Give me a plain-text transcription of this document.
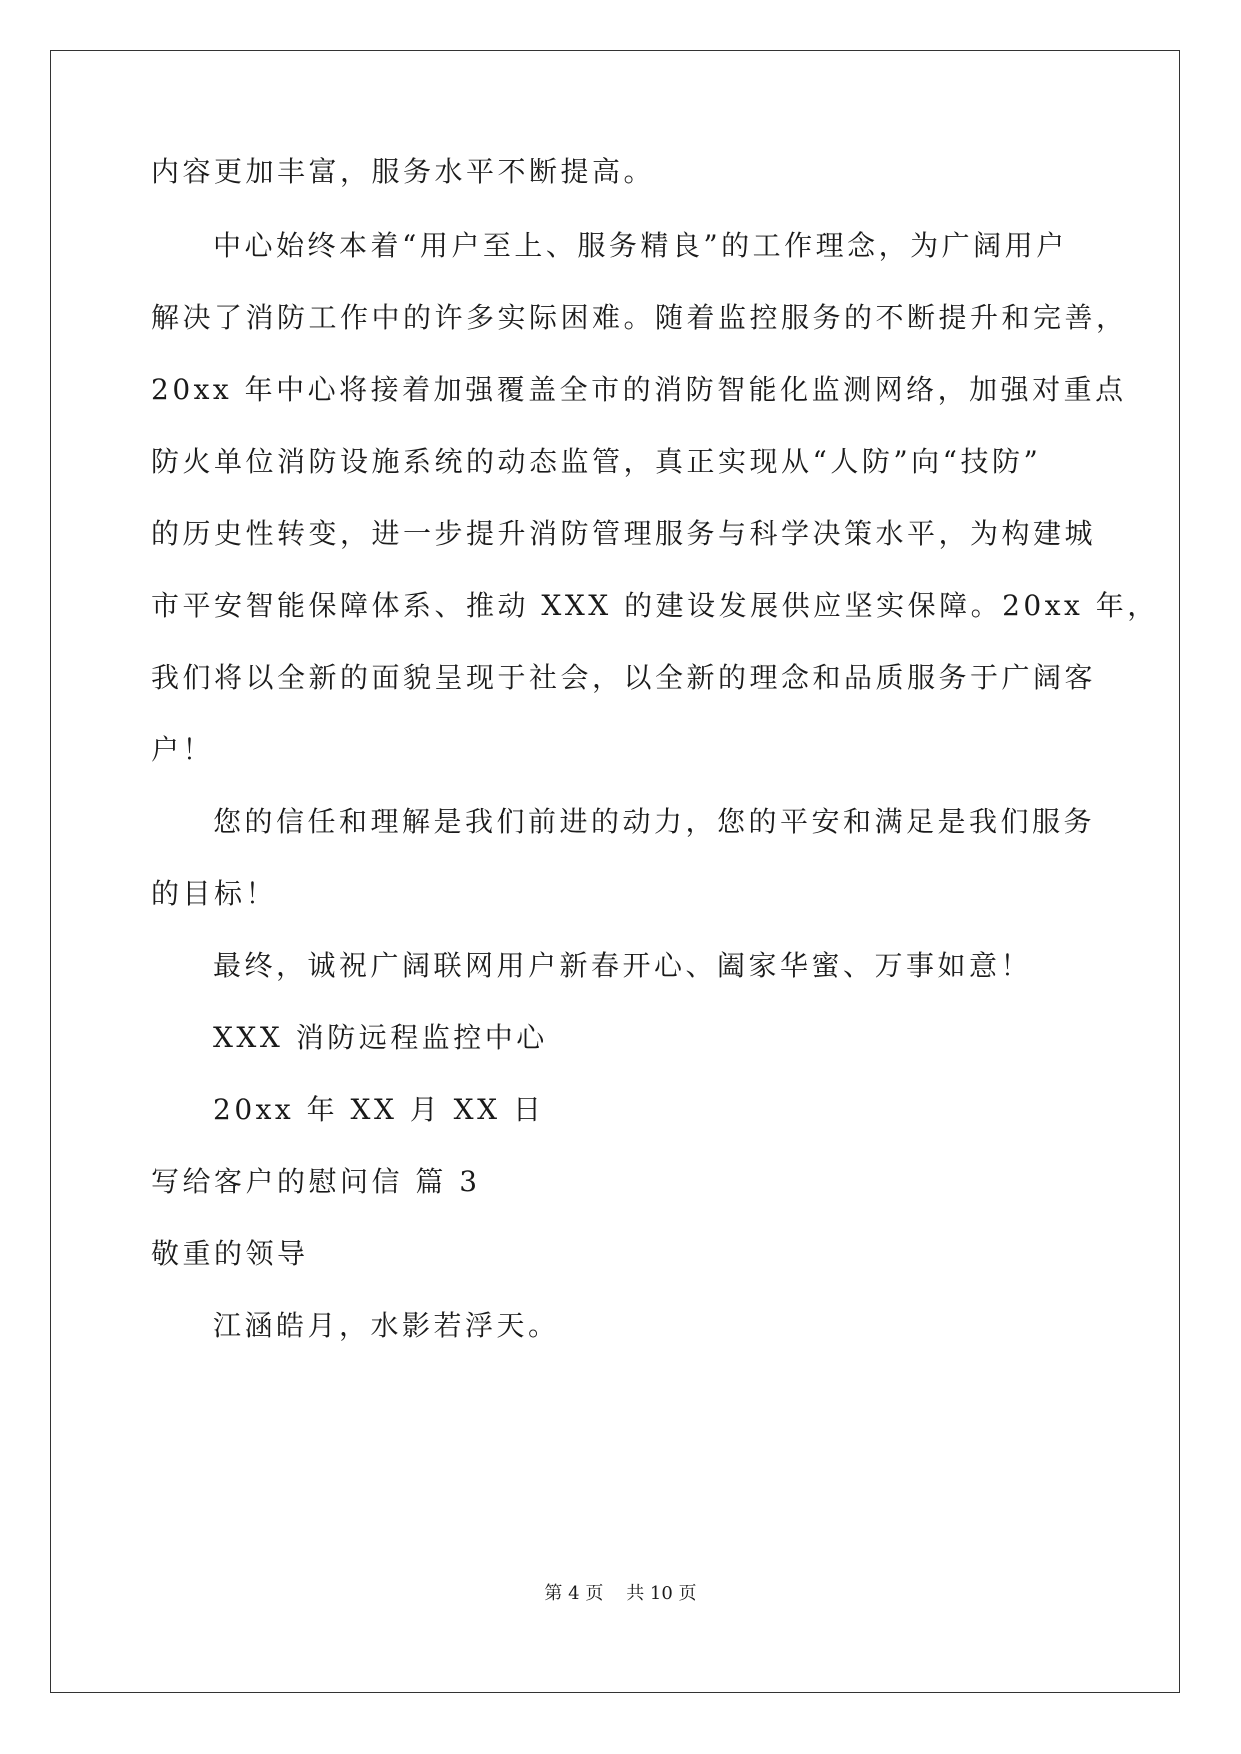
内容更加丰富，服务水平不断提高。
中心始终本着“用户至上、服务精良”的工作理念，为广阔用户
解决了消防工作中的许多实际困难。随着监控服务的不断提升和完善，
20xx 年中心将接着加强覆盖全市的消防智能化监测网络，加强对重点
防火单位消防设施系统的动态监管，真正实现从“人防”向“技防”
的历史性转变，进一步提升消防管理服务与科学决策水平，为构建城
市平安智能保障体系、推动 XXX 的建设发展供应坚实保障。20xx 年，
我们将以全新的面貌呈现于社会，以全新的理念和品质服务于广阔客
户！
您的信任和理解是我们前进的动力，您的平安和满足是我们服务
的目标！
最终，诚祝广阔联网用户新春开心、阖家华蜜、万事如意！
XXX 消防远程监控中心
20xx 年 XX 月 XX 日
写给客户的慰问信 篇 3
敬重的领导
江涵皓月，水影若浮天。
第 4 页    共 10 页
